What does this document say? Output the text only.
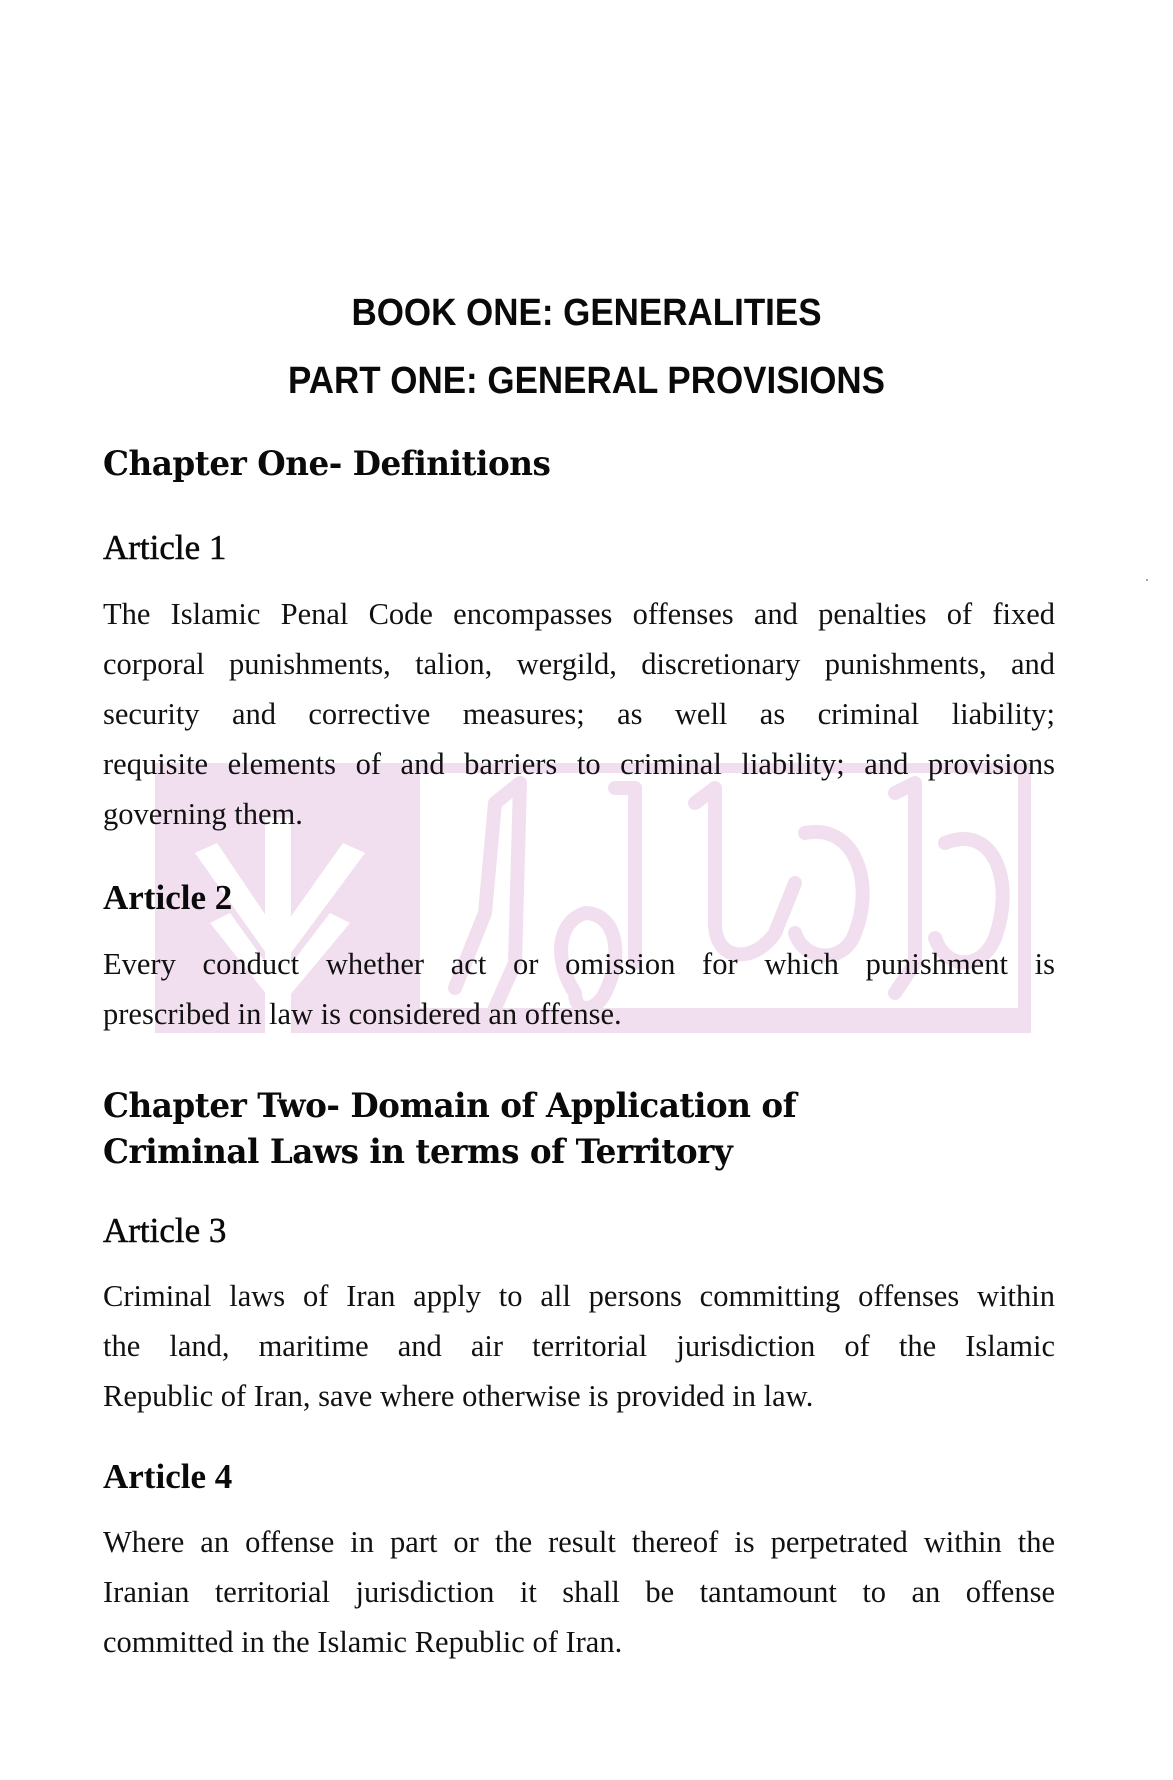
BOOK ONE: GENERALITIES
PART ONE: GENERAL PROVISIONS
Chapter One- Definitions
Article 1
The Islamic Penal Code encompasses offenses and penalties of fixed
corporal punishments, talion, wergild, discretionary punishments, and
security and corrective measures; as well as criminal liability;
requisite elements of and barriers to criminal liability; and provisions
governing them.
Article 2
Every conduct whether act or omission for which punishment is
prescribed in law is considered an offense.
Chapter Two- Domain of Application of
Criminal Laws in terms of Territory
Article 3
Criminal laws of Iran apply to all persons committing offenses within
the land, maritime and air territorial jurisdiction of the Islamic
Republic of Iran, save where otherwise is provided in law.
Article 4
Where an offense in part or the result thereof is perpetrated within the
Iranian territorial jurisdiction it shall be tantamount to an offense
committed in the Islamic Republic of Iran.
